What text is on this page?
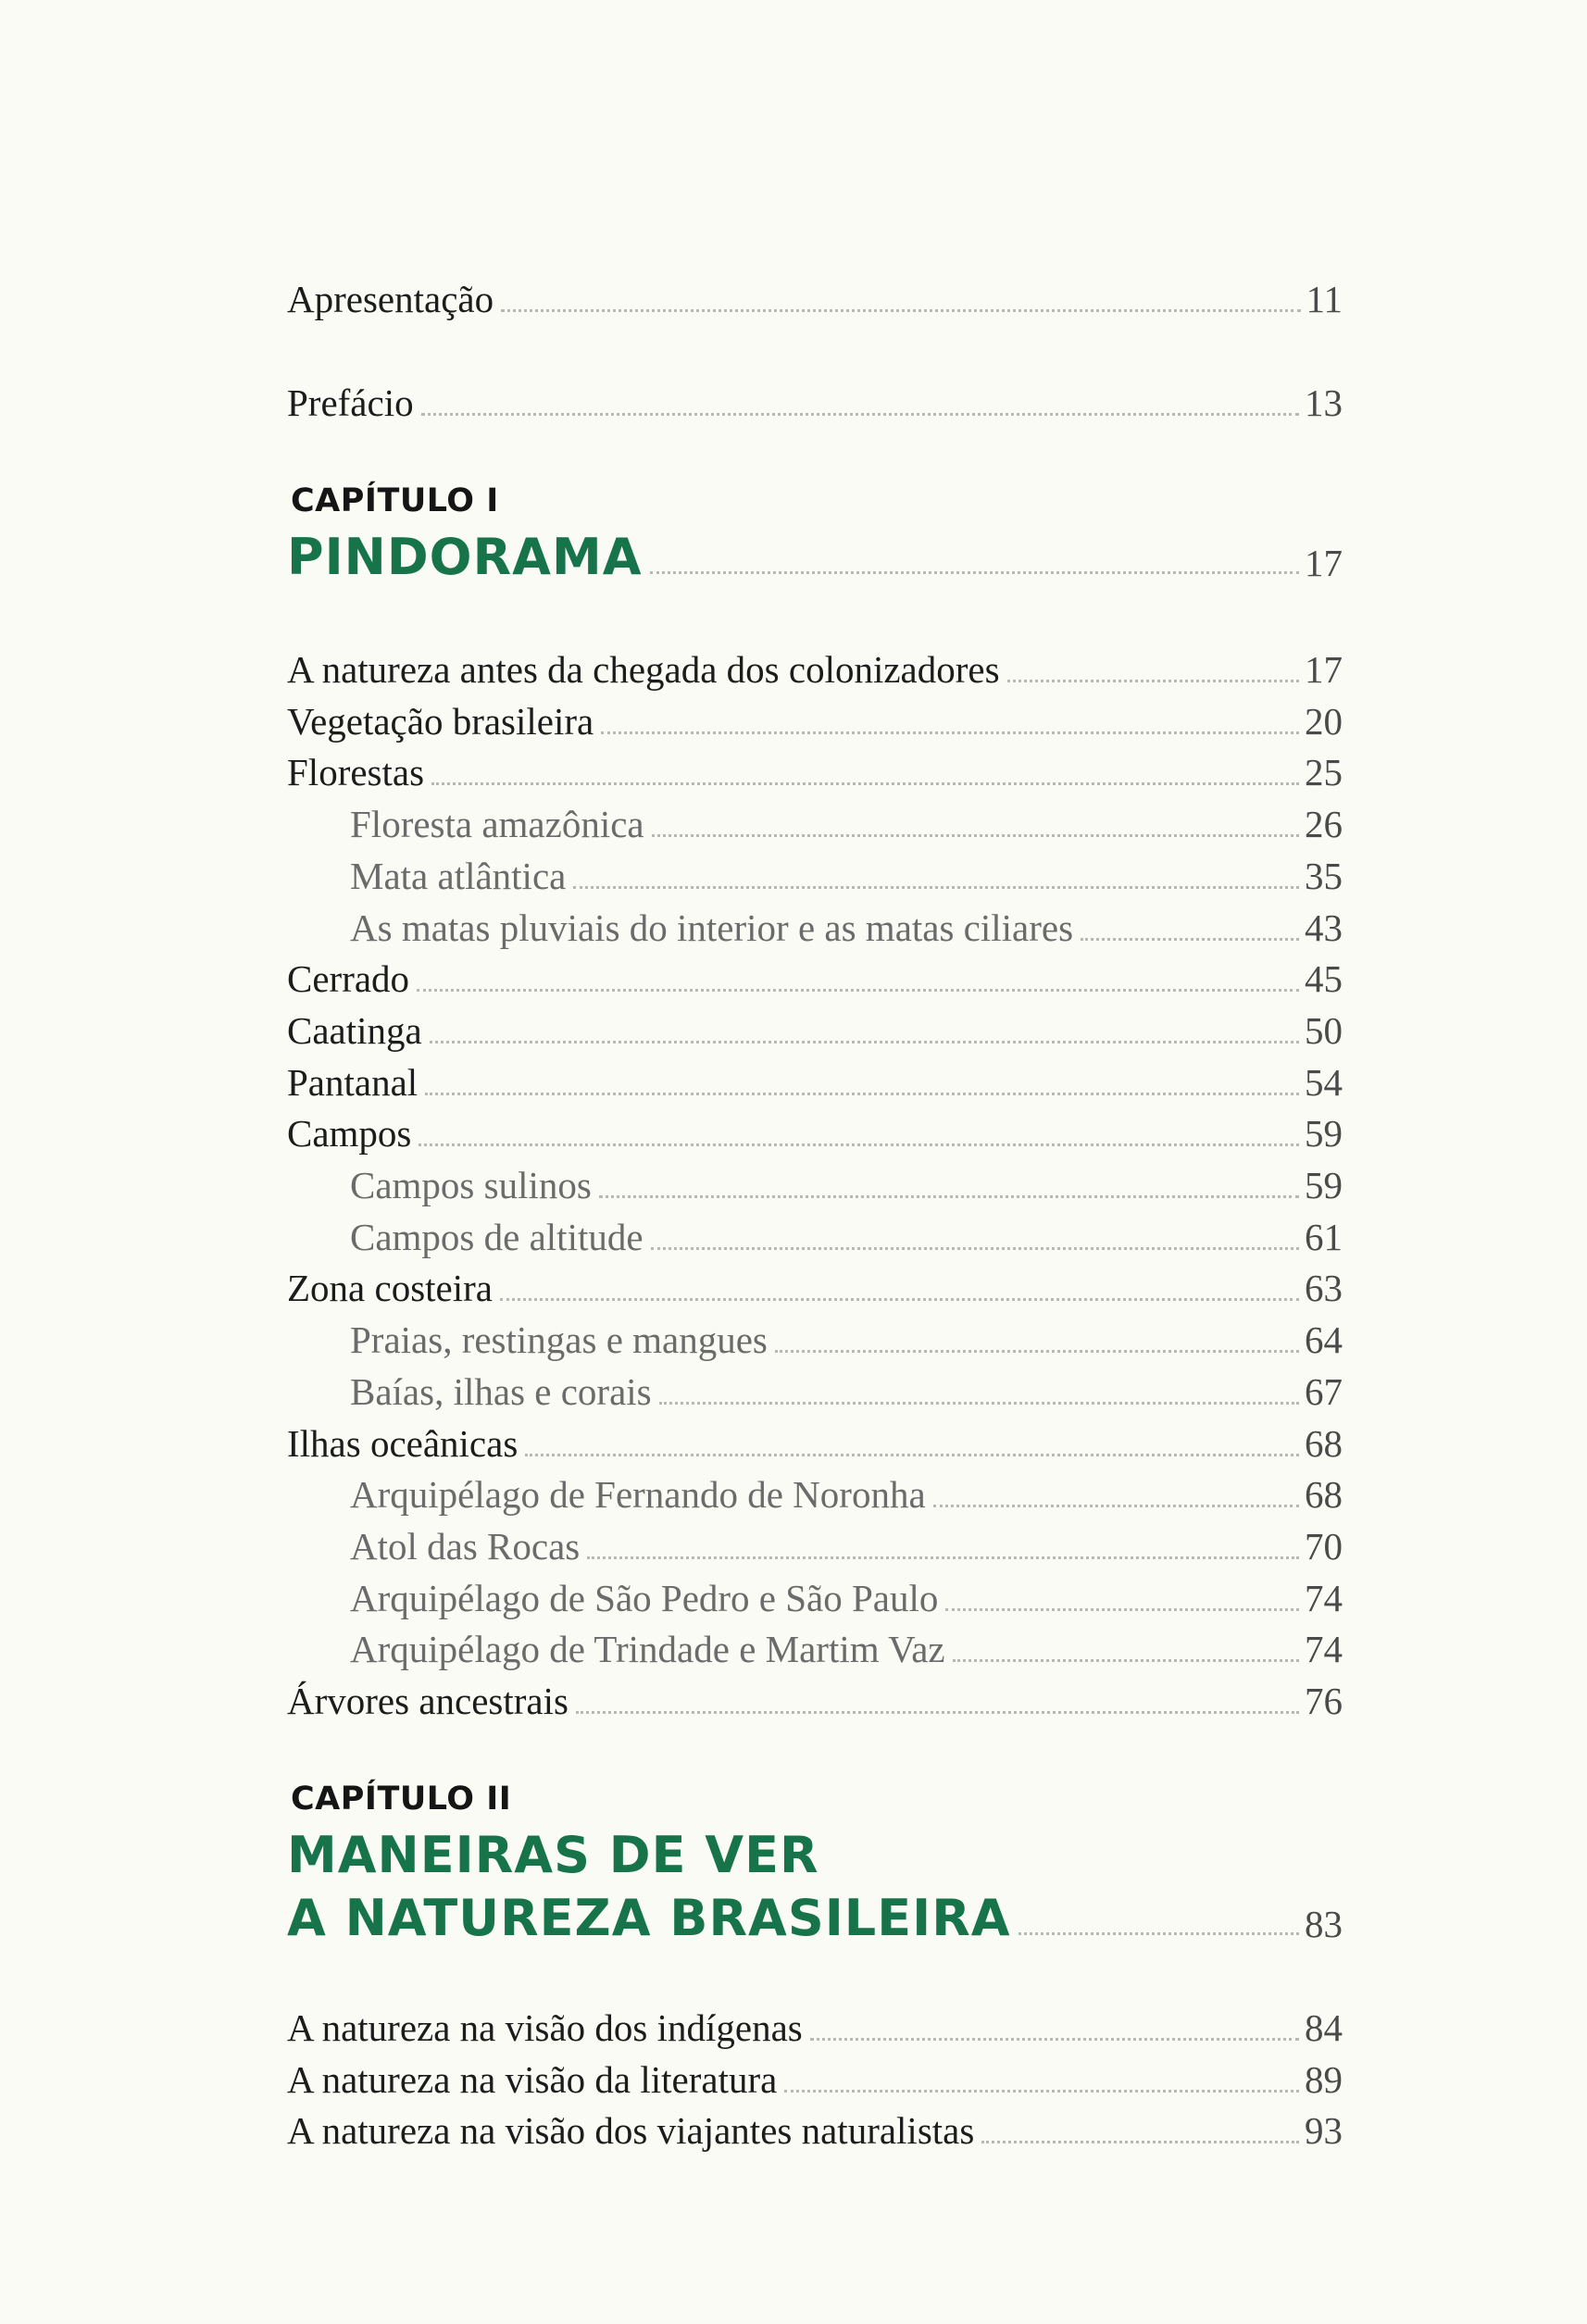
Apresentação	11
Prefácio	13
CAPÍTULO I
PINDORAMA	17
A natureza antes da chegada dos colonizadores	17
Vegetação brasileira	20
Florestas	25
Floresta amazônica	26
Mata atlântica	35
As matas pluviais do interior e as matas ciliares	43
Cerrado	45
Caatinga	50
Pantanal	54
Campos	59
Campos sulinos	59
Campos de altitude	61
Zona costeira	63
Praias, restingas e mangues	64
Baías, ilhas e corais	67
Ilhas oceânicas	68
Arquipélago de Fernando de Noronha	68
Atol das Rocas	70
Arquipélago de São Pedro e São Paulo	74
Arquipélago de Trindade e Martim Vaz	74
Árvores ancestrais	76
CAPÍTULO II
MANEIRAS DE VER
A NATUREZA BRASILEIRA	83
A natureza na visão dos indígenas	84
A natureza na visão da literatura	89
A natureza na visão dos viajantes naturalistas	93
